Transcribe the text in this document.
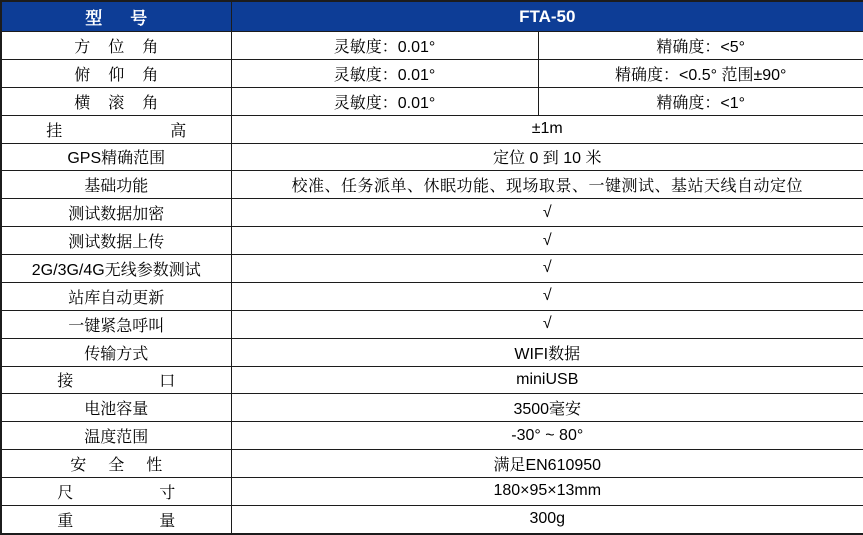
型号	FTA-50	
方位角	灵敏度：0.01°	精确度：<5°
俯仰角	灵敏度：0.01°	精确度：<0.5° 范围±90°
横滚角	灵敏度：0.01°	精确度：<1°
挂高	±1m	
GPS精确范围	定位 0 到 10 米	
基础功能	校准、任务派单、休眠功能、现场取景、一键测试、基站天线自动定位	
测试数据加密	√	
测试数据上传	√	
2G/3G/4G无线参数测试	√	
站库自动更新	√	
一键紧急呼叫	√	
传输方式	WIFI数据	
接口	miniUSB	
电池容量	3500毫安	
温度范围	-30° ~ 80°	
安全性	满足EN610950	
尺寸	180×95×13mm	
重量	300g	
